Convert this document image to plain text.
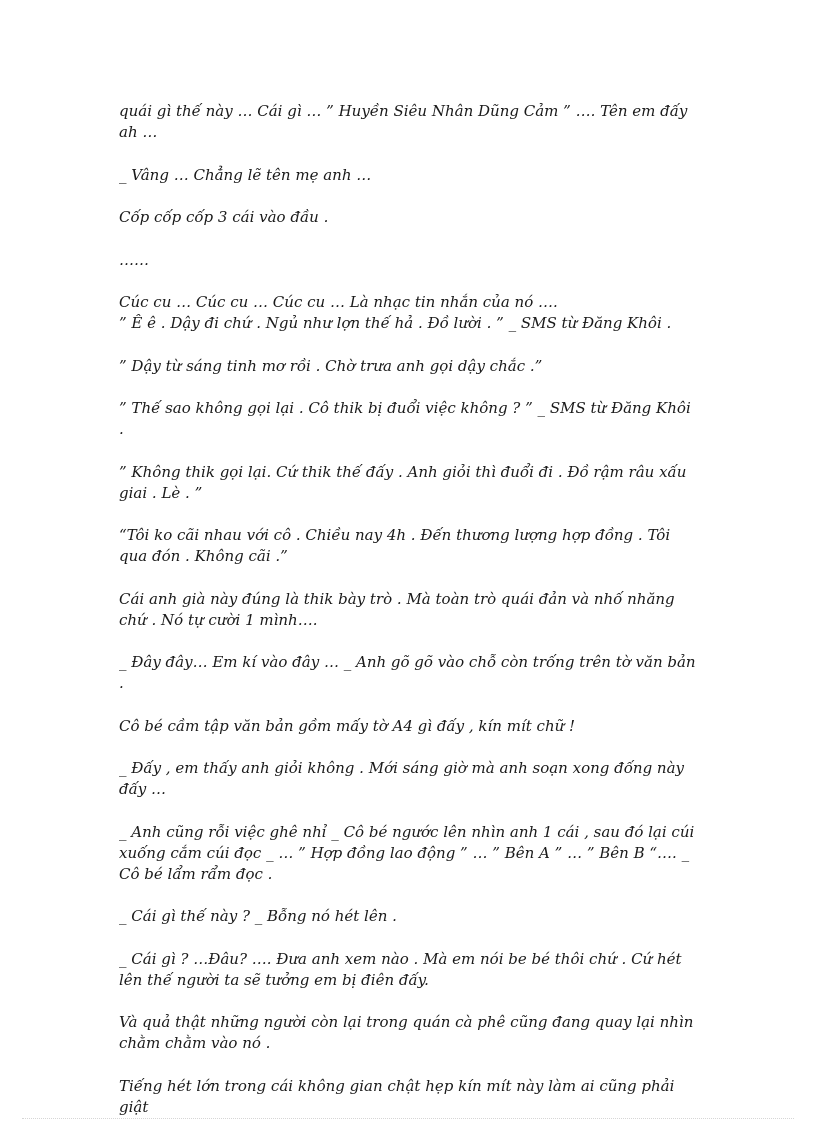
quái gì thế này … Cái gì … ” Huyền Siêu Nhân Dũng Cảm ” …. Tên em đấy ah …

_ Vâng … Chẳng lẽ tên mẹ anh …

Cốp cốp cốp 3 cái vào đầu .

……

Cúc cu … Cúc cu … Cúc cu … Là nhạc tin nhắn của nó ….

” Ê ê . Dậy đi chứ . Ngủ như lợn thế hả . Đồ lười . ” _ SMS từ Đăng Khôi .

” Dậy từ sáng tinh mơ rồi . Chờ trưa anh gọi dậy chắc .”

” Thế sao không gọi lại . Cô thik bị đuổi việc không ? ” _ SMS từ Đăng Khôi .

” Không thik gọi lại. Cứ thik thế đấy . Anh giỏi thì đuổi đi . Đồ rậm râu xấu giai . Lè . ”

“Tôi ko cãi nhau với cô . Chiều nay 4h . Đến thương lượng hợp đồng . Tôi qua đón . Không cãi .”

Cái anh già này đúng là thik bày trò . Mà toàn trò quái đản và nhố nhăng chứ . Nó tự cười 1 mình….

_ Đây đây… Em kí vào đây … _ Anh gõ gõ vào chỗ còn trống trên tờ văn bản .

Cô bé cầm tập văn bản gồm mấy tờ A4 gì đấy , kín mít chữ !

_ Đấy , em thấy anh giỏi không . Mới sáng giờ mà anh soạn xong đống này đấy …

_ Anh cũng rỗi việc ghê nhỉ _ Cô bé ngước lên nhìn anh 1 cái , sau đó lại cúi xuống cắm cúi đọc _ … ” Hợp đồng lao động ” … ” Bên A ” … ” Bên B “…. _ Cô bé lẩm rẩm đọc .

_ Cái gì thế này ? _ Bỗng nó hét lên .

_ Cái gì ? …Đâu? …. Đưa anh xem nào . Mà em nói be bé thôi chứ . Cứ hét lên thế người ta sẽ tưởng em bị điên đấy.

Và quả thật những người còn lại trong quán cà phê cũng đang quay lại nhìn chằm chằm vào nó .

Tiếng hét lớn trong cái không gian chật hẹp kín mít này làm ai cũng phải giật
